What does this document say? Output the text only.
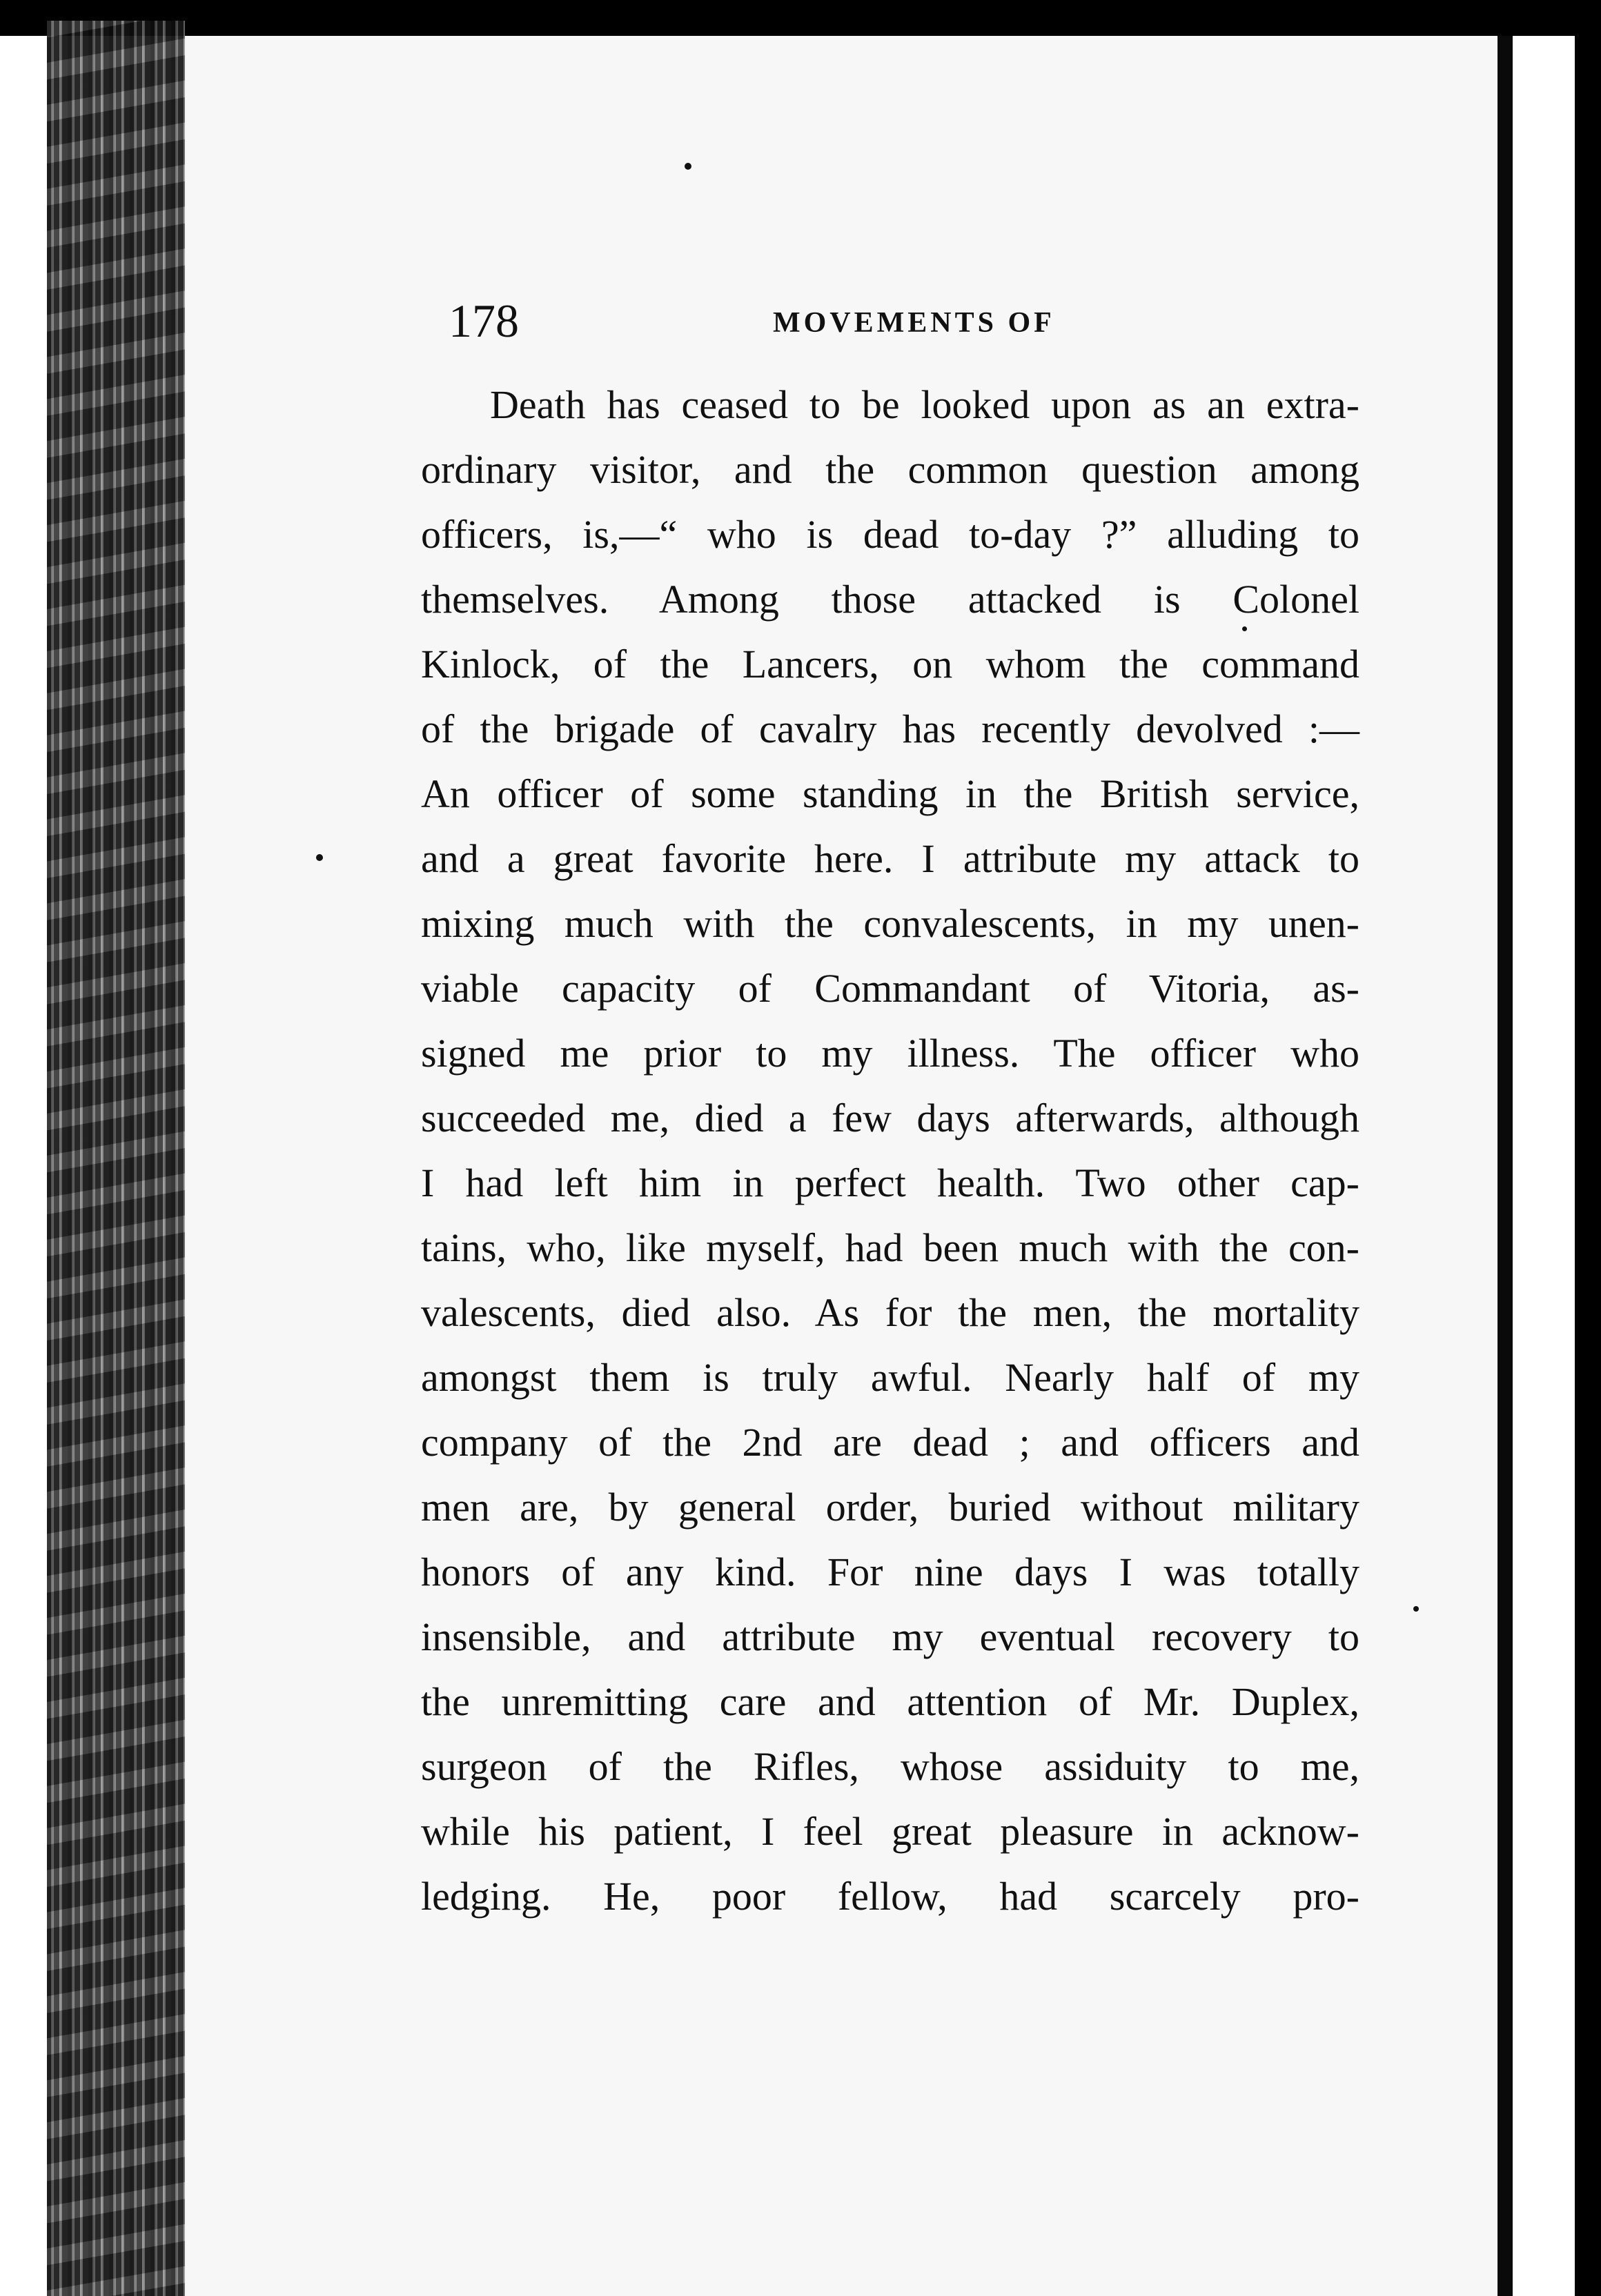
178	MOVEMENTS OF
Death has ceased to be looked upon as an extra-
ordinary visitor, and the common question among
officers, is,—“ who is dead to-day ?” alluding to
themselves. Among those attacked is Colonel
Kinlock, of the Lancers, on whom the command
of the brigade of cavalry has recently devolved :—
An officer of some standing in the British service,
and a great favorite here. I attribute my attack to
mixing much with the convalescents, in my unen-
viable capacity of Commandant of Vitoria, as-
signed me prior to my illness. The officer who
succeeded me, died a few days afterwards, although
I had left him in perfect health. Two other cap-
tains, who, like myself, had been much with the con-
valescents, died also. As for the men, the mortality
amongst them is truly awful. Nearly half of my
company of the 2nd are dead ; and officers and
men are, by general order, buried without military
honors of any kind. For nine days I was totally
insensible, and attribute my eventual recovery to
the unremitting care and attention of Mr. Duplex,
surgeon of the Rifles, whose assiduity to me,
while his patient, I feel great pleasure in acknow-
ledging. He, poor fellow, had scarcely pro-
